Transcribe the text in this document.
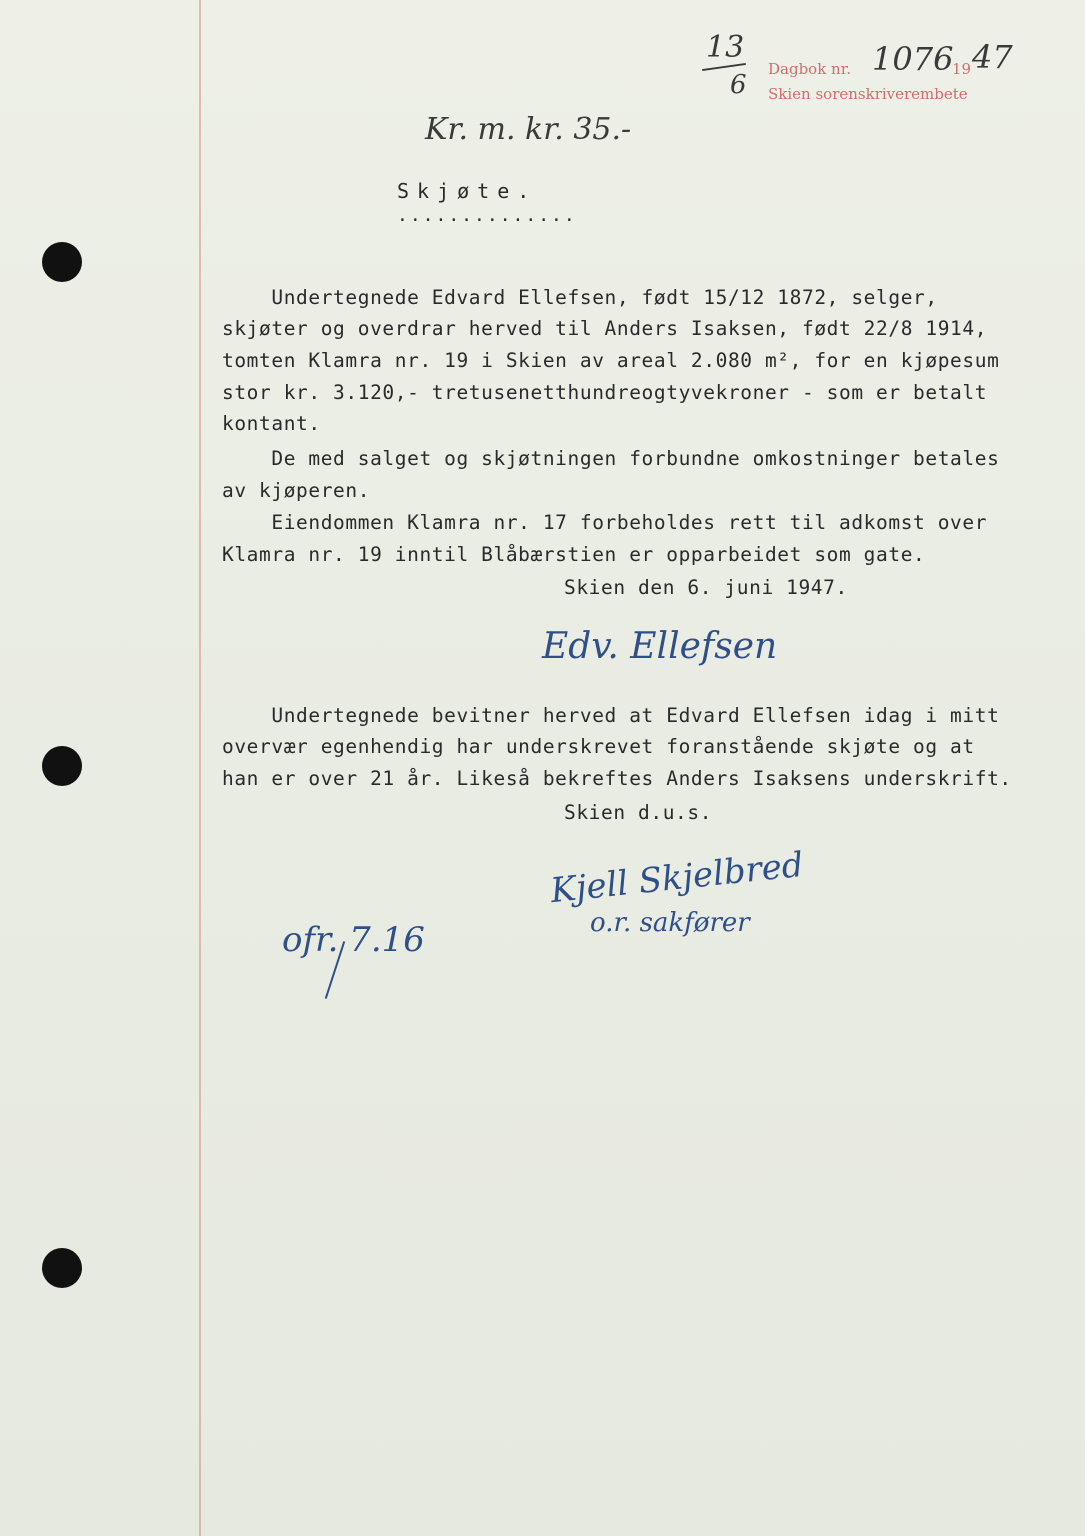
13
6
Dagbok nr.
Skien sorenskriverembete
1076
19 47
Kr. m. kr. 35.-
Skjøte.
..............
Undertegnede Edvard Ellefsen, født 15/12 1872, selger,
skjøter og overdrar herved til Anders Isaksen, født 22/8 1914,
tomten Klamra nr. 19 i Skien av areal 2.080 m², for en kjøpesum
stor kr. 3.120,- tretusenetthundreogtyvekroner - som er betalt
kontant.
De med salget og skjøtningen forbundne omkostninger betales
av kjøperen.
Eiendommen Klamra nr. 17 forbeholdes rett til adkomst over
Klamra nr. 19 inntil Blåbærstien er opparbeidet som gate.
Skien den 6. juni 1947.
Edv. Ellefsen
Undertegnede bevitner herved at Edvard Ellefsen idag i mitt
overvær egenhendig har underskrevet foranstående skjøte og at
han er over 21 år. Likeså bekreftes Anders Isaksens underskrift.
Skien d.u.s.
Kjell Skjelbred
o.r. sakfører
ofr. 7.16
